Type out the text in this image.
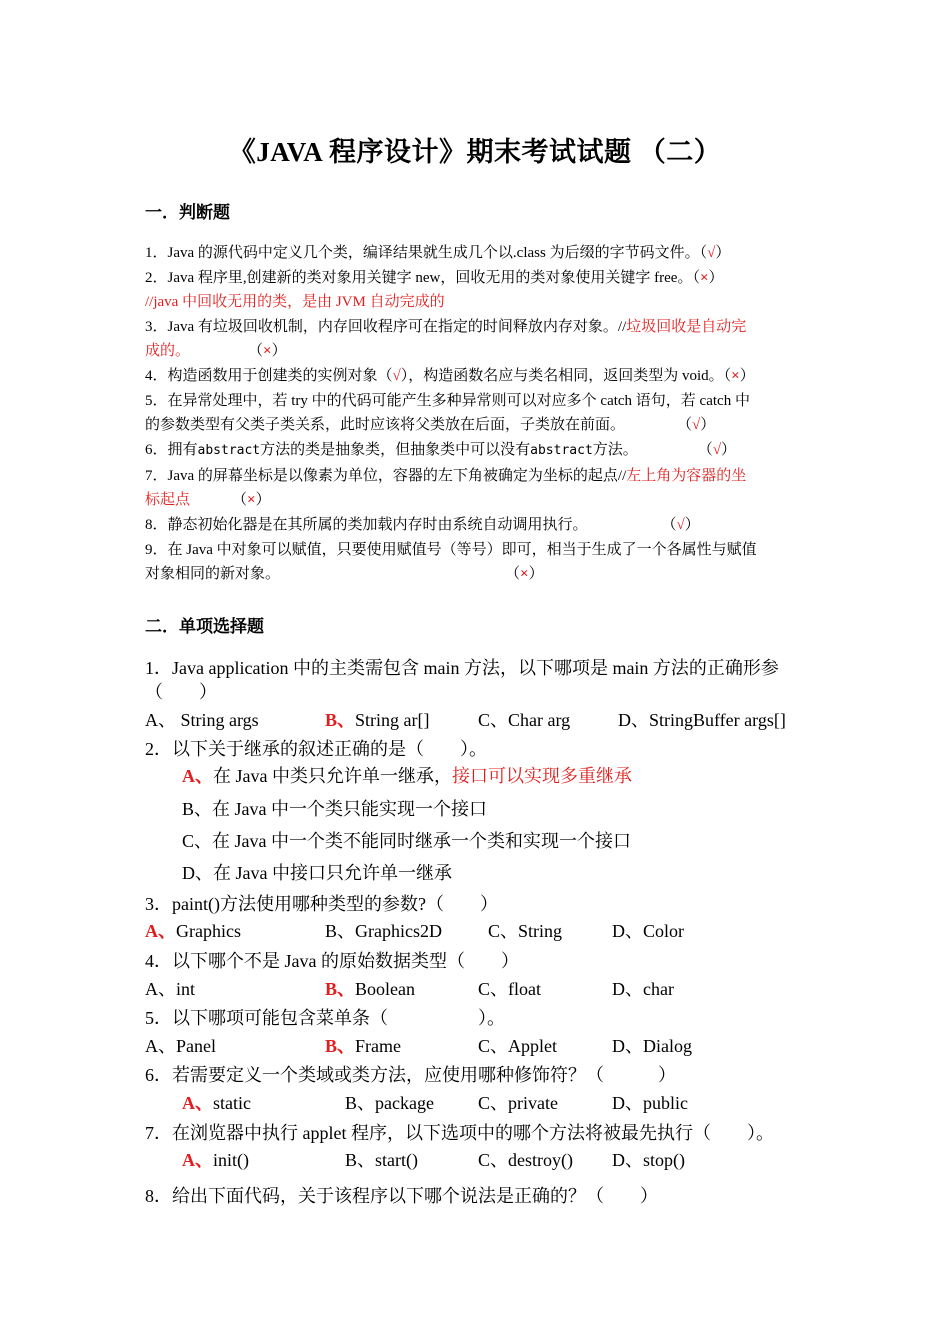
《JAVA 程序设计》期末考试试题 （二）
一．判断题
1．Java 的源代码中定义几个类，编译结果就生成几个以.class 为后缀的字节码文件。（√）
2．Java 程序里,创建新的类对象用关键字 new，回收无用的类对象使用关键字 free。（×）
//java 中回收无用的类，是由 JVM 自动完成的
3．Java 有垃圾回收机制，内存回收程序可在指定的时间释放内存对象。//垃圾回收是自动完
成的。	（×）
4．构造函数用于创建类的实例对象（√），构造函数名应与类名相同，返回类型为 void。（×）
5．在异常处理中，若 try 中的代码可能产生多种异常则可以对应多个 catch 语句，若 catch 中
的参数类型有父类子类关系，此时应该将父类放在后面，子类放在前面。	（√）
6．拥有abstract方法的类是抽象类，但抽象类中可以没有abstract方法。	（√）
7．Java 的屏幕坐标是以像素为单位，容器的左下角被确定为坐标的起点//左上角为容器的坐
标起点	（×）
8．静态初始化器是在其所属的类加载内存时由系统自动调用执行。	（√）
9．在 Java 中对象可以赋值，只要使用赋值号（等号）即可，相当于生成了一个各属性与赋值
对象相同的新对象。	（×）
二．单项选择题
1．Java application 中的主类需包含 main 方法，以下哪项是 main 方法的正确形参
（　　）
A、 String args	B、String ar[]	C、Char arg	D、StringBuffer args[]
2．以下关于继承的叙述正确的是（　　）。
A、在 Java 中类只允许单一继承，接口可以实现多重继承
B、在 Java 中一个类只能实现一个接口
C、在 Java 中一个类不能同时继承一个类和实现一个接口
D、在 Java 中接口只允许单一继承
3．paint()方法使用哪种类型的参数?（　　）
A、Graphics	B、Graphics2D	C、String	D、Color
4．以下哪个不是 Java 的原始数据类型（　　）
A、int	B、Boolean	C、float	D、char
5．以下哪项可能包含菜单条（　　　　　）。
A、Panel	B、Frame	C、Applet	D、Dialog
6．若需要定义一个类域或类方法，应使用哪种修饰符？（　　　）
A、static	B、package C、private	D、public
7．在浏览器中执行 applet 程序，以下选项中的哪个方法将被最先执行（　　）。
A、init()	B、start()	C、destroy() D、stop()
8．给出下面代码，关于该程序以下哪个说法是正确的？（　　）
